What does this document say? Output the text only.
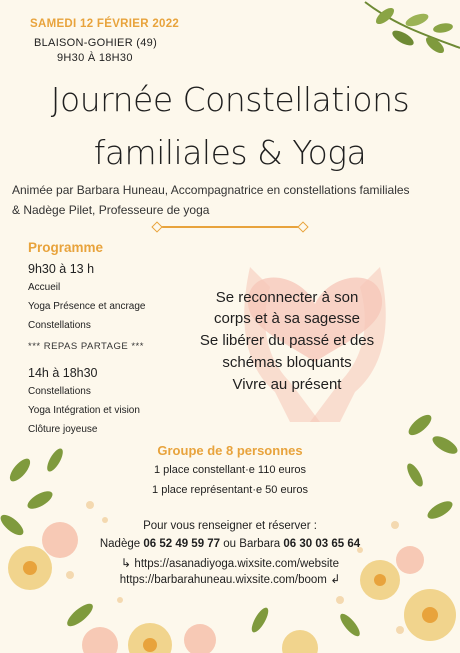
SAMEDI 12 FÉVRIER 2022
BLAISON-GOHIER (49)
9H30 À 18H30
Journée Constellations
familiales & Yoga
Animée par Barbara Huneau, Accompagnatrice en constellations familiales
& Nadège Pilet, Professeure de yoga
Programme
9h30 à 13 h
Accueil
Yoga Présence et ancrage
Constellations
*** REPAS PARTAGE ***
14h à 18h30
Constellations
Yoga Intégration et vision
Clôture joyeuse
Se reconnecter à son
corps et à sa sagesse
Se libérer du passé et des
schémas bloquants
Vivre au présent
Groupe de 8 personnes
1 place constellant·e 110 euros
1 place représentant·e 50 euros
Pour vous renseigner et réserver :
Nadège 06 52 49 59 77 ou Barbara 06 30 03 65 64
↳ https://asanadiyoga.wixsite.com/website
https://barbarahuneau.wixsite.com/boom ↲
